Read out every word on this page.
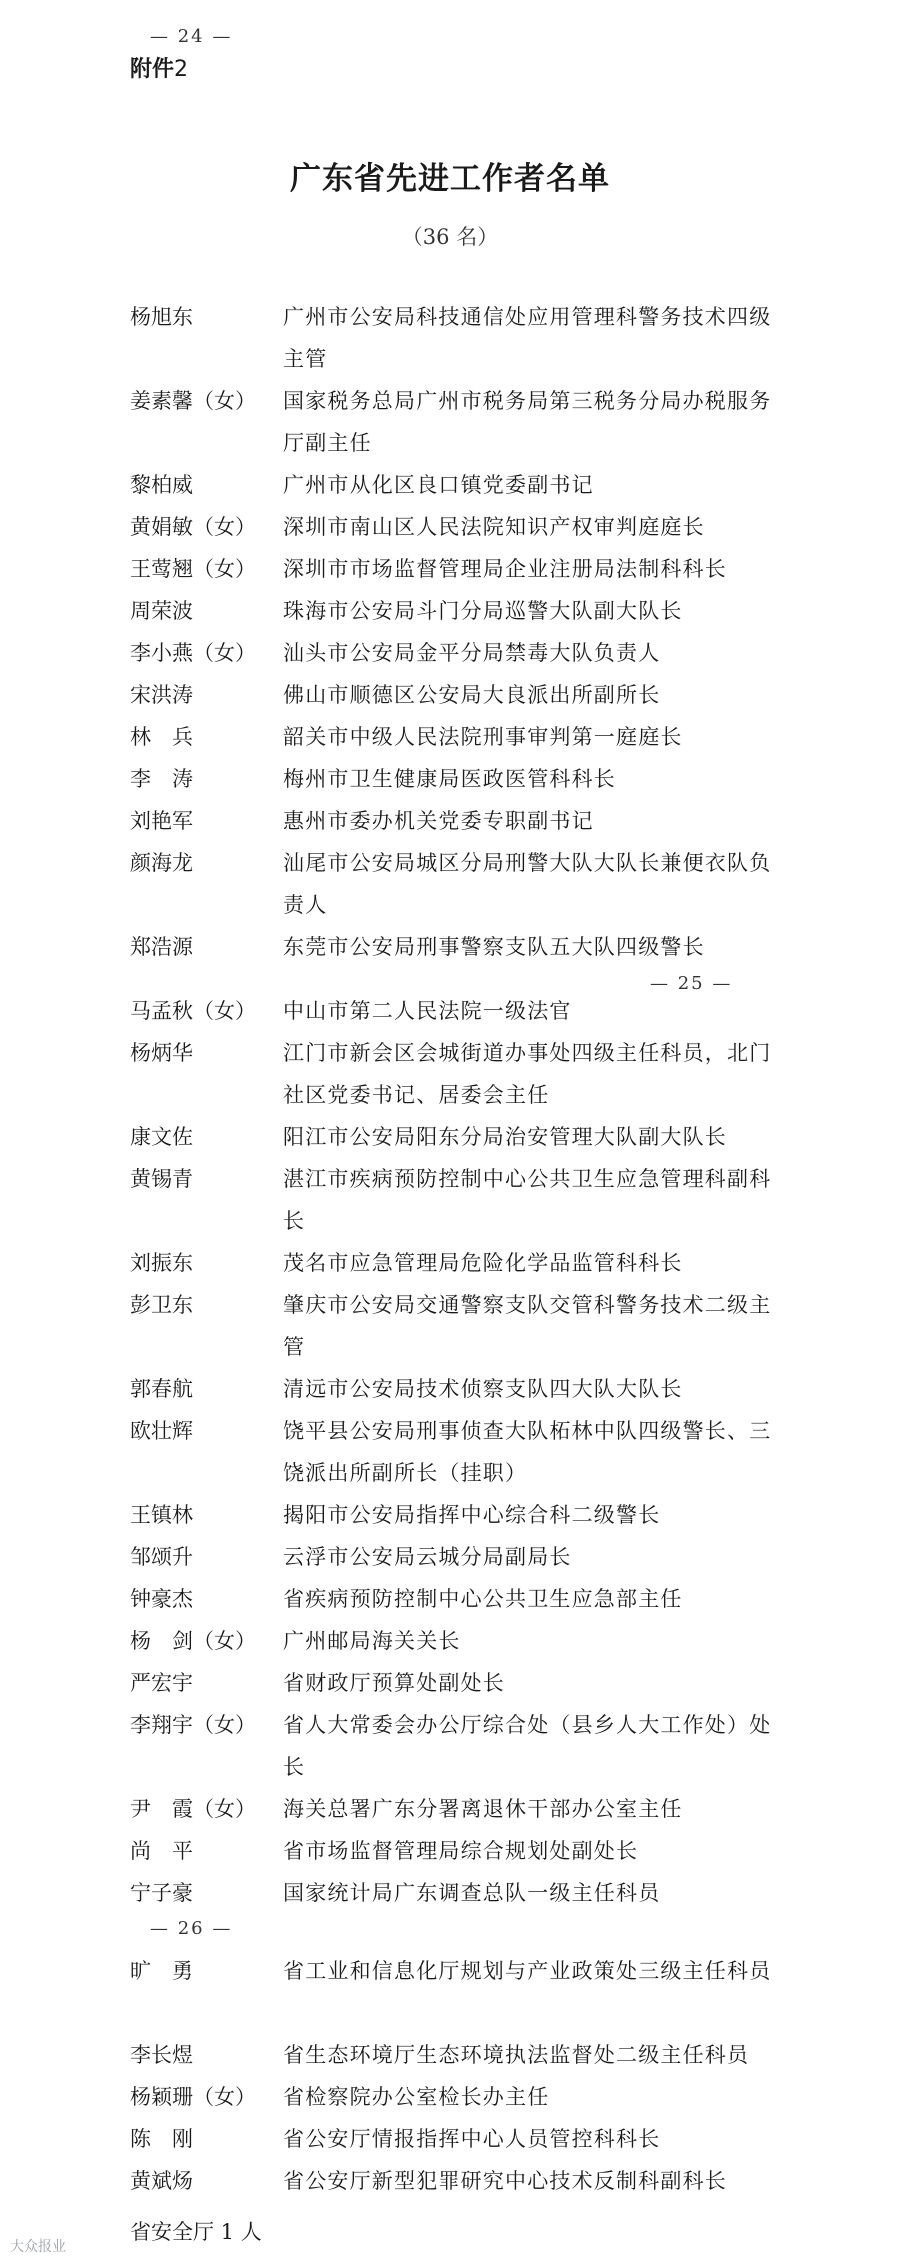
— 24 —
— 25 —
— 26 —
附件2
广东省先进工作者名单
（36 名）
杨旭东	广州市公安局科技通信处应用管理科警务技术四级主管
姜素馨（女） 国家税务总局广州市税务局第三税务分局办税服务厅副主任
黎柏威	广州市从化区良口镇党委副书记
黄娟敏（女） 深圳市南山区人民法院知识产权审判庭庭长
王莺翘（女） 深圳市市场监督管理局企业注册局法制科科长
周荣波	珠海市公安局斗门分局巡警大队副大队长
李小燕（女） 汕头市公安局金平分局禁毒大队负责人
宋洪涛	佛山市顺德区公安局大良派出所副所长
林　兵	韶关市中级人民法院刑事审判第一庭庭长
李　涛	梅州市卫生健康局医政医管科科长
刘艳军	惠州市委办机关党委专职副书记
颜海龙	汕尾市公安局城区分局刑警大队大队长兼便衣队负责人
郑浩源	东莞市公安局刑事警察支队五大队四级警长
马孟秋（女） 中山市第二人民法院一级法官
杨炳华	江门市新会区会城街道办事处四级主任科员，北门社区党委书记、居委会主任
康文佐	阳江市公安局阳东分局治安管理大队副大队长
黄锡青	湛江市疾病预防控制中心公共卫生应急管理科副科长
刘振东	茂名市应急管理局危险化学品监管科科长
彭卫东	肇庆市公安局交通警察支队交管科警务技术二级主管
郭春航	清远市公安局技术侦察支队四大队大队长
欧壮辉	饶平县公安局刑事侦查大队柘林中队四级警长、三饶派出所副所长（挂职）
王镇林	揭阳市公安局指挥中心综合科二级警长
邹颂升	云浮市公安局云城分局副局长
钟豪杰	省疾病预防控制中心公共卫生应急部主任
杨　剑（女） 广州邮局海关关长
严宏宇	省财政厅预算处副处长
李翔宇（女） 省人大常委会办公厅综合处（县乡人大工作处）处长
尹　霞（女） 海关总署广东分署离退休干部办公室主任
尚　平	省市场监督管理局综合规划处副处长
宁子豪	国家统计局广东调查总队一级主任科员
旷　勇	省工业和信息化厅规划与产业政策处三级主任科员
李长煜	省生态环境厅生态环境执法监督处二级主任科员
杨颖珊（女） 省检察院办公室检长办主任
陈　刚	省公安厅情报指挥中心人员管控科科长
黄斌炀	省公安厅新型犯罪研究中心技术反制科副科长
省安全厅 1 人
大众报业
